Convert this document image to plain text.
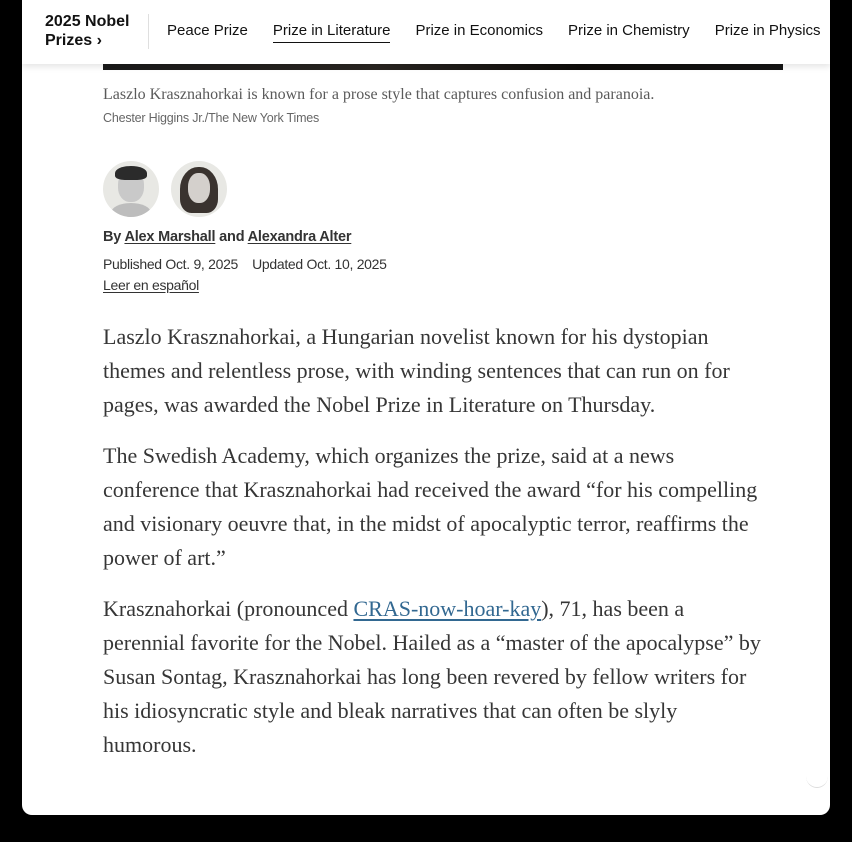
2025 Nobel Prizes ›
Peace Prize Prize in Literature Prize in Economics Prize in Chemistry Prize in Physics
Laszlo Krasznahorkai is known for a prose style that captures confusion and paranoia.
Chester Higgins Jr./The New York Times
By Alex Marshall and Alexandra Alter
Published Oct. 9, 2025 Updated Oct. 10, 2025
Leer en español

Laszlo Krasznahorkai, a Hungarian novelist known for his dystopian themes and relentless prose, with winding sentences that can run on for pages, was awarded the Nobel Prize in Literature on Thursday.

The Swedish Academy, which organizes the prize, said at a news conference that Krasznahorkai had received the award “for his compelling and visionary oeuvre that, in the midst of apocalyptic terror, reaffirms the power of art.”

Krasznahorkai (pronounced CRAS-now-hoar-kay), 71, has been a perennial favorite for the Nobel. Hailed as a “master of the apocalypse” by Susan Sontag, Krasznahorkai has long been revered by fellow writers for his idiosyncratic style and bleak narratives that can often be slyly humorous.
